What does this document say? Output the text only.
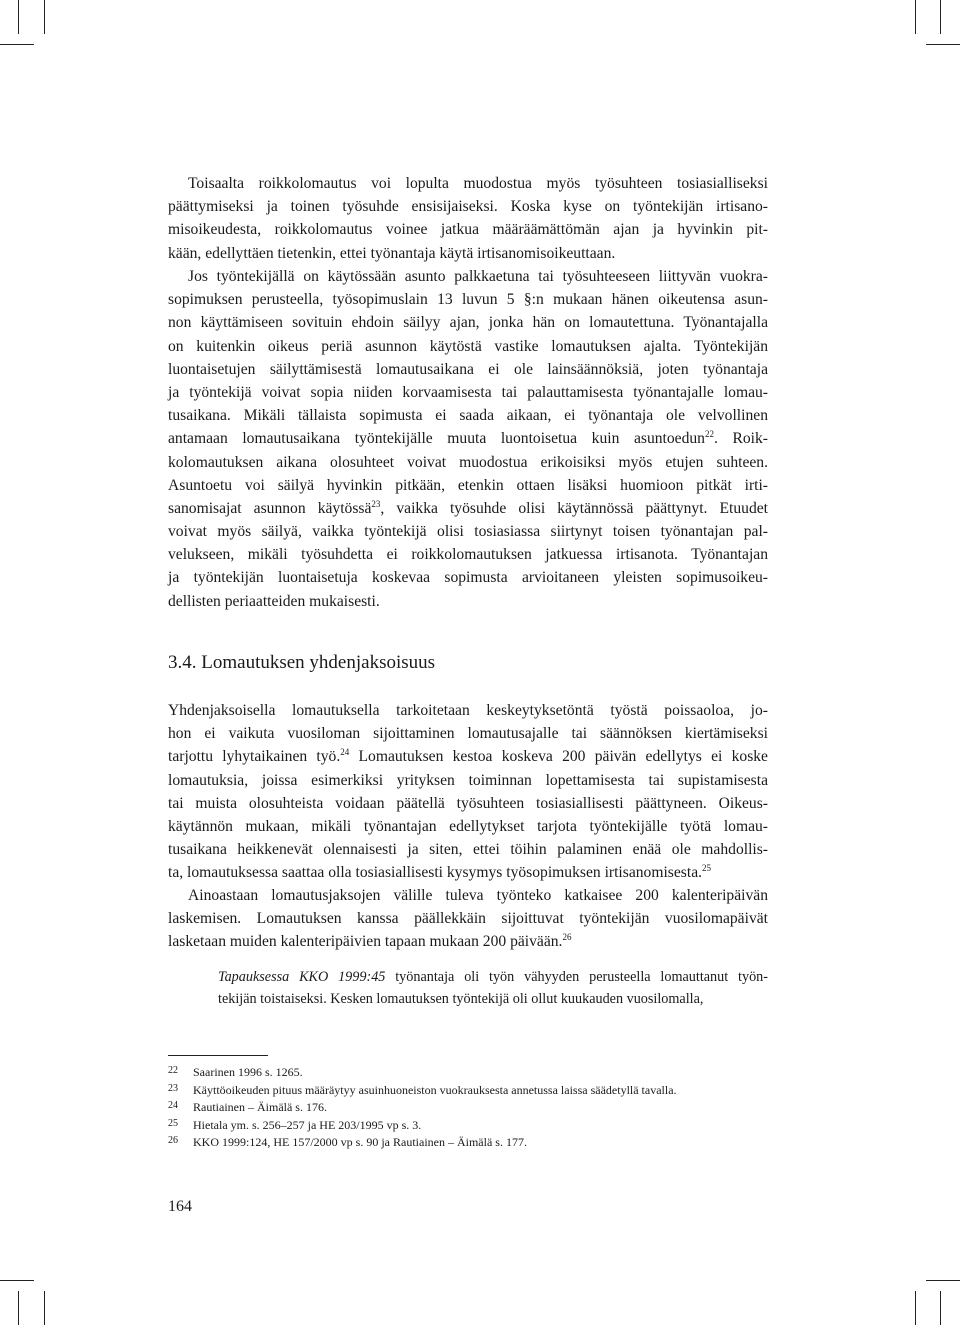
Toisaalta roikkolomautus voi lopulta muodostua myös työsuhteen tosiasialliseksi
päättymiseksi ja toinen työsuhde ensisijaiseksi. Koska kyse on työntekijän irtisano-
misoikeudesta, roikkolomautus voinee jatkua määräämättömän ajan ja hyvinkin pit-
kään, edellyttäen tietenkin, ettei työnantaja käytä irtisanomisoikeuttaan.
Jos työntekijällä on käytössään asunto palkkaetuna tai työsuhteeseen liittyvän vuokra-
sopimuksen perusteella, työsopimuslain 13 luvun 5 §:n mukaan hänen oikeutensa asun-
non käyttämiseen sovituin ehdoin säilyy ajan, jonka hän on lomautettuna. Työnantajalla
on kuitenkin oikeus periä asunnon käytöstä vastike lomautuksen ajalta. Työntekijän
luontaisetujen säilyttämisestä lomautusaikana ei ole lainsäännöksiä, joten työnantaja
ja työntekijä voivat sopia niiden korvaamisesta tai palauttamisesta työnantajalle lomau-
tusaikana. Mikäli tällaista sopimusta ei saada aikaan, ei työnantaja ole velvollinen
antamaan lomautusaikana työntekijälle muuta luontoisetua kuin asuntoedun$^{22}$. Roik-
kolomautuksen aikana olosuhteet voivat muodostua erikoisiksi myös etujen suhteen.
Asuntoetu voi säilyä hyvinkin pitkään, etenkin ottaen lisäksi huomioon pitkät irti-
sanomisajat asunnon käytössä$^{23}$, vaikka työsuhde olisi käytännössä päättynyt. Etuudet
voivat myös säilyä, vaikka työntekijä olisi tosiasiassa siirtynyt toisen työnantajan pal-
velukseen, mikäli työsuhdetta ei roikkolomautuksen jatkuessa irtisanota. Työnantajan
ja työntekijän luontaisetuja koskevaa sopimusta arvioitaneen yleisten sopimusoikeu-
dellisten periaatteiden mukaisesti.
3.4. Lomautuksen yhdenjaksoisuus
Yhdenjaksoisella lomautuksella tarkoitetaan keskeytyksetöntä työstä poissaoloa, jo-
hon ei vaikuta vuosiloman sijoittaminen lomautusajalle tai säännöksen kiertämiseksi
tarjottu lyhytaikainen työ.$^{24}$ Lomautuksen kestoa koskeva 200 päivän edellytys ei koske
lomautuksia, joissa esimerkiksi yrityksen toiminnan lopettamisesta tai supistamisesta
tai muista olosuhteista voidaan päätellä työsuhteen tosiasiallisesti päättyneen. Oikeus-
käytännön mukaan, mikäli työnantajan edellytykset tarjota työntekijälle työtä lomau-
tusaikana heikkenevät olennaisesti ja siten, ettei töihin palaminen enää ole mahdollis-
ta, lomautuksessa saattaa olla tosiasiallisesti kysymys työsopimuksen irtisanomisesta.$^{25}$
Ainoastaan lomautusjaksojen välille tuleva työnteko katkaisee 200 kalenteripäivän
laskemisen. Lomautuksen kanssa päällekkäin sijoittuvat työntekijän vuosilomapäivät
lasketaan muiden kalenteripäivien tapaan mukaan 200 päivään.$^{26}$
Tapauksessa KKO 1999:45 työnantaja oli työn vähyyden perusteella lomauttanut työn-
tekijän toistaiseksi. Kesken lomautuksen työntekijä oli ollut kuukauden vuosilomalla,
22 Saarinen 1996 s. 1265.
23 Käyttöoikeuden pituus määräytyy asuinhuoneiston vuokrauksesta annetussa laissa säädetyllä tavalla.
24 Rautiainen – Äimälä s. 176.
25 Hietala ym. s. 256–257 ja HE 203/1995 vp s. 3.
26 KKO 1999:124, HE 157/2000 vp s. 90 ja Rautiainen – Äimälä s. 177.
164
